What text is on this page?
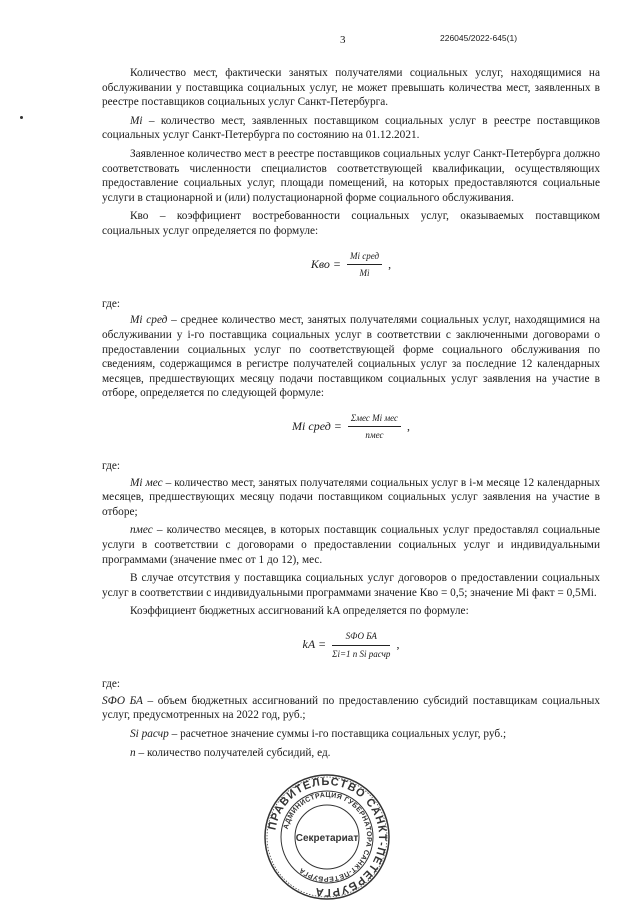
3	226045/2022-645(1)

Количество мест, фактически занятых получателями социальных услуг, находящимися на обслуживании у поставщика социальных услуг, не может превышать количества мест, заявленных в реестре поставщиков социальных услуг Санкт-Петербурга.

Mi – количество мест, заявленных поставщиком социальных услуг в реестре поставщиков социальных услуг Санкт-Петербурга по состоянию на 01.12.2021.

Заявленное количество мест в реестре поставщиков социальных услуг Санкт-Петербурга должно соответствовать численности специалистов соответствующей квалификации, осуществляющих предоставление социальных услуг, площади помещений, на которых предоставляются социальные услуги в стационарной и (или) полустационарной форме социального обслуживания.

Кво – коэффициент востребованности социальных услуг, оказываемых поставщиком социальных услуг определяется по формуле:

Кво = $\frac{\text{Mi сред}}{Mi}$ ,

где:

Mi сред – среднее количество мест, занятых получателями социальных услуг, находящимися на обслуживании у i-го поставщика социальных услуг в соответствии с заключенными договорами о предоставлении социальных услуг по соответствующей форме социального обслуживания по сведениям, содержащимся в регистре получателей социальных услуг за последние 12 календарных месяцев, предшествующих месяцу подачи поставщиком социальных услуг заявления на участие в отборе, определяется по следующей формуле:

Mi сред = $\frac{\text{Σмес Mi мес}}{\text{nмес}}$ ,

где:

Mi мес – количество мест, занятых получателями социальных услуг в i-м месяце 12 календарных месяцев, предшествующих месяцу подачи поставщиком социальных услуг заявления на участие в отборе;

nмес – количество месяцев, в которых поставщик социальных услуг предоставлял социальные услуги в соответствии с договорами о предоставлении социальных услуг и индивидуальными программами (значение nмес от 1 до 12), мес.

В случае отсутствия у поставщика социальных услуг договоров о предоставлении социальных услуг в соответствии с индивидуальными программами значение Кво = 0,5; значение Mi факт = 0,5Mi.

Коэффициент бюджетных ассигнований kA определяется по формуле:

kA = $\frac{\text{SФО БА}}{\text{Σi=1 n Si расчр}}$ ,

где:

SФО БА – объем бюджетных ассигнований по предоставлению субсидий поставщикам социальных услуг, предусмотренных на 2022 год, руб.;

Si расчр – расчетное значение суммы i-го поставщика социальных услуг, руб.;

n – количество получателей субсидий, ед.

ПРАВИТЕЛЬСТВО САНКТ-ПЕТЕРБУРГА
АДМИНИСТРАЦИЯ ГУБЕРНАТОРА САНКТ-ПЕТЕРБУРГА
Секретариат
